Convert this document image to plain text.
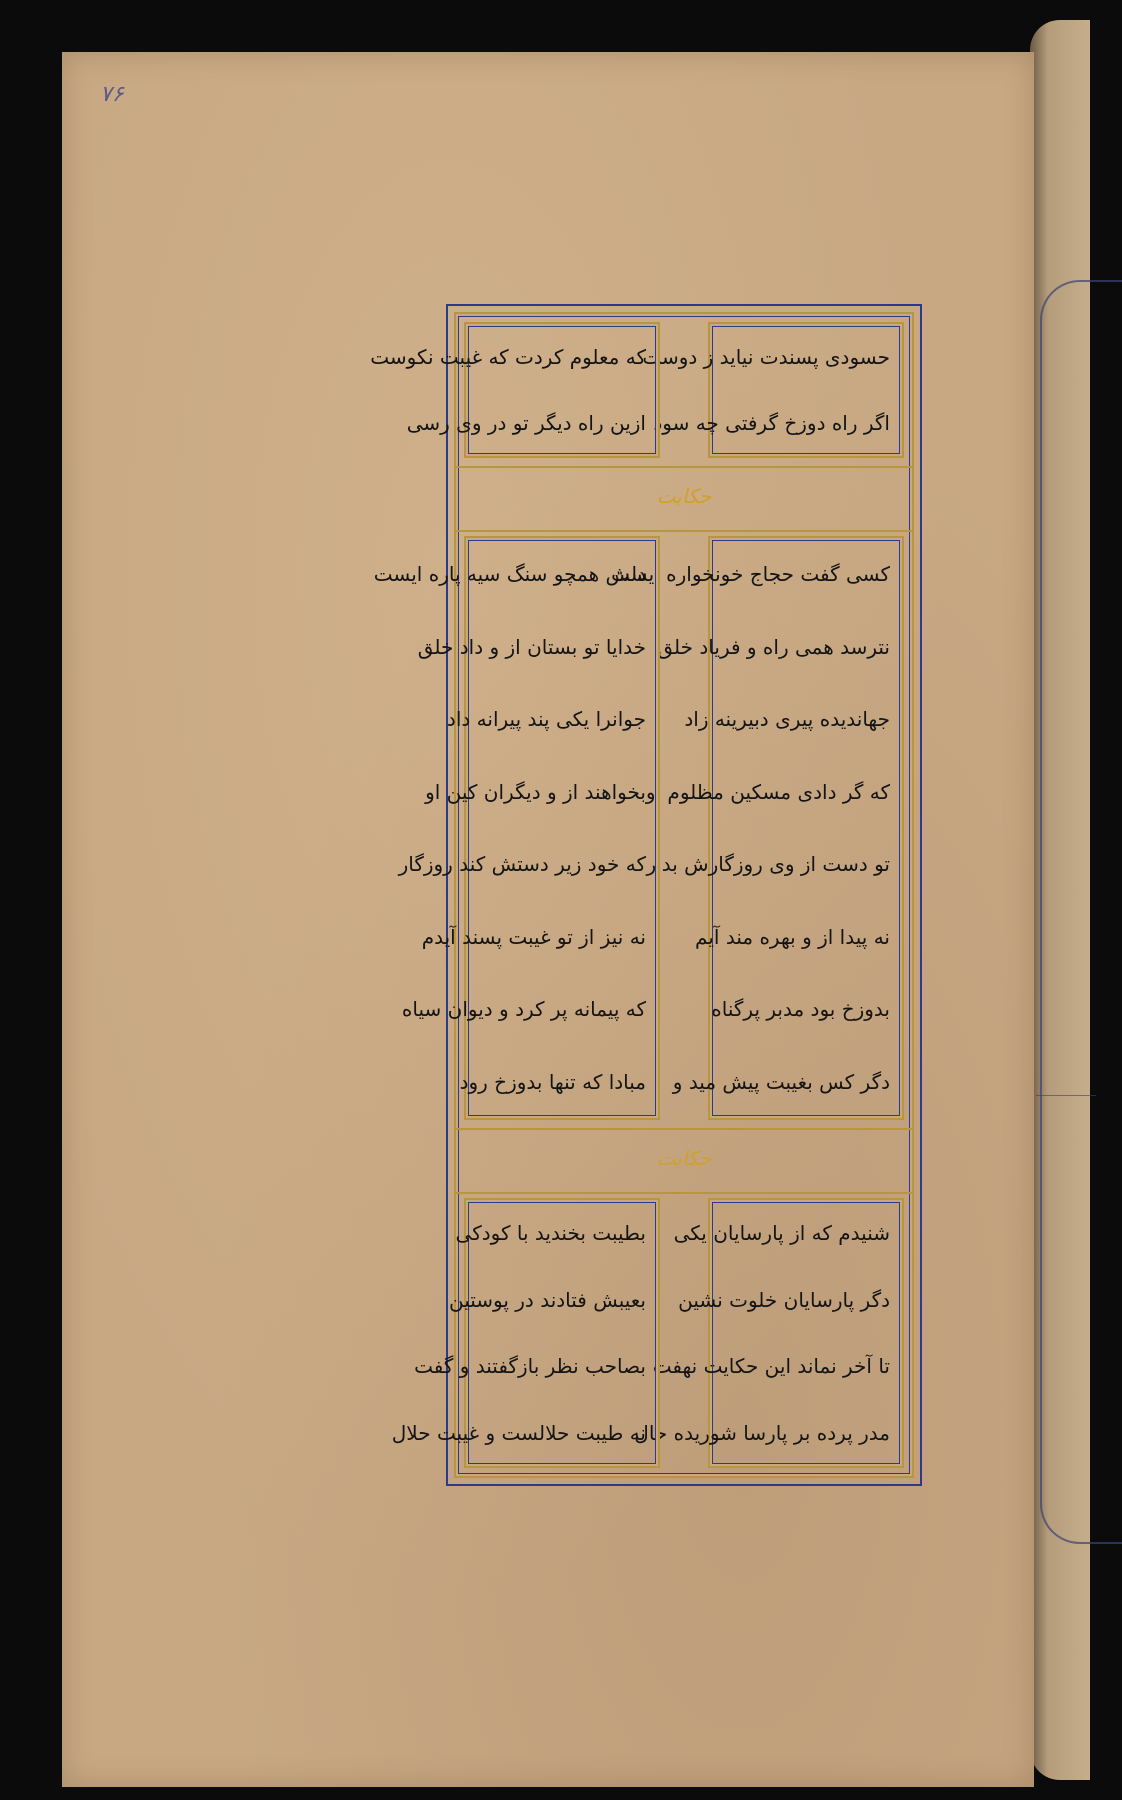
۷۶
حسودی پسندت نیاید ز دوست
اگر راه دوزخ گرفتی چه سود
که معلوم کردت که غیبت نکوست
ازین راه دیگر تو در وی رسی
حکایت
کسی گفت حجاج خونخواره ایست
نترسد همی راه و فریاد خلق
جهاندیده پیری دبیرینه زاد
که گر دادی مسکین مظلوم او
تو دست از وی روزگارش بدار
نه پیدا از و بهره مند آیم
بدوزخ بود مدبر پرگناه
دگر کس بغیبت پیش مید و
دلش همچو سنگ سیه پاره ایست
خدایا تو بستان از و داد خلق
جوانرا یکی پند پیرانه داد
بخواهند از و دیگران کین او
که خود زیر دستش کند روزگار
نه نیز از تو غیبت پسند آیدم
که پیمانه پر کرد و دیوان سیاه
مبادا که تنها بدوزخ رود
حکایت
شنیدم که از پارسایان یکی
دگر پارسایان خلوت نشین
تا آخر نماند این حکایت نهفت
مدر پرده بر پارسا شوریده حال
بطیبت بخندید با کودکی
بعیبش فتادند در پوستین
بصاحب نظر بازگفتند و گفت
نه طیبت حلالست و غیبت حلال
